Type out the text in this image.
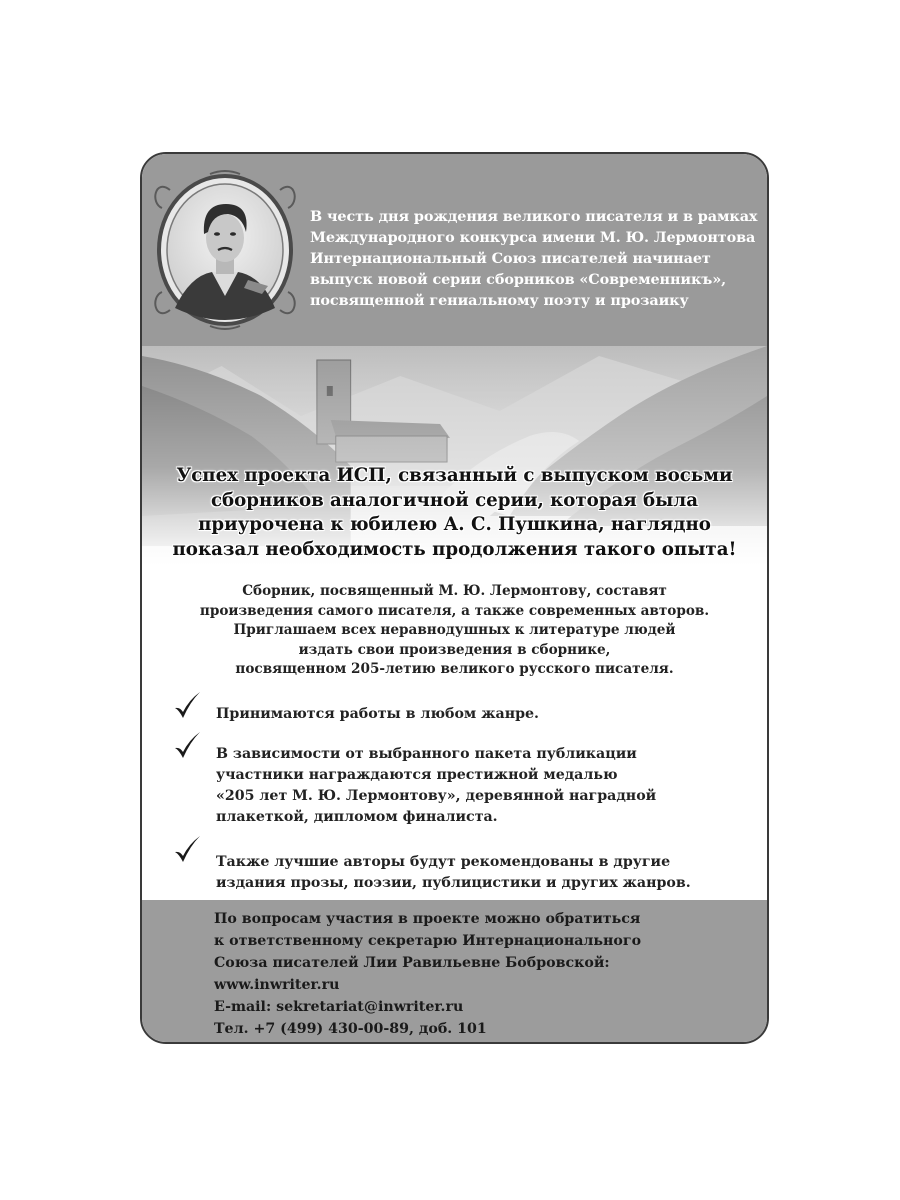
В честь дня рождения великого писателя и в рамках
Международного конкурса имени М. Ю. Лермонтова
Интернациональный Союз писателей начинает
выпуск новой серии сборников «Современникъ»,
посвященной гениальному поэту и прозаику
Успех проекта ИСП, связанный с выпуском восьми
сборников аналогичной серии, которая была
приурочена к юбилею А. С. Пушкина, наглядно
показал необходимость продолжения такого опыта!
Сборник, посвященный М. Ю. Лермонтову, составят
произведения самого писателя, а также современных авторов.
Приглашаем всех неравнодушных к литературе людей
издать свои произведения в сборнике,
посвященном 205-летию великого русского писателя.
Принимаются работы в любом жанре.
В зависимости от выбранного пакета публикации
участники награждаются престижной медалью
«205 лет М. Ю. Лермонтову», деревянной наградной
плакеткой, дипломом финалиста.
Также лучшие авторы будут рекомендованы в другие
издания прозы, поэзии, публицистики и других жанров.
По вопросам участия в проекте можно обратиться
к ответственному секретарю Интернационального
Союза писателей Лии Равильевне Бобровской:
www.inwriter.ru
E-mail: sekretariat@inwriter.ru
Тел. +7 (499) 430-00-89, доб. 101
